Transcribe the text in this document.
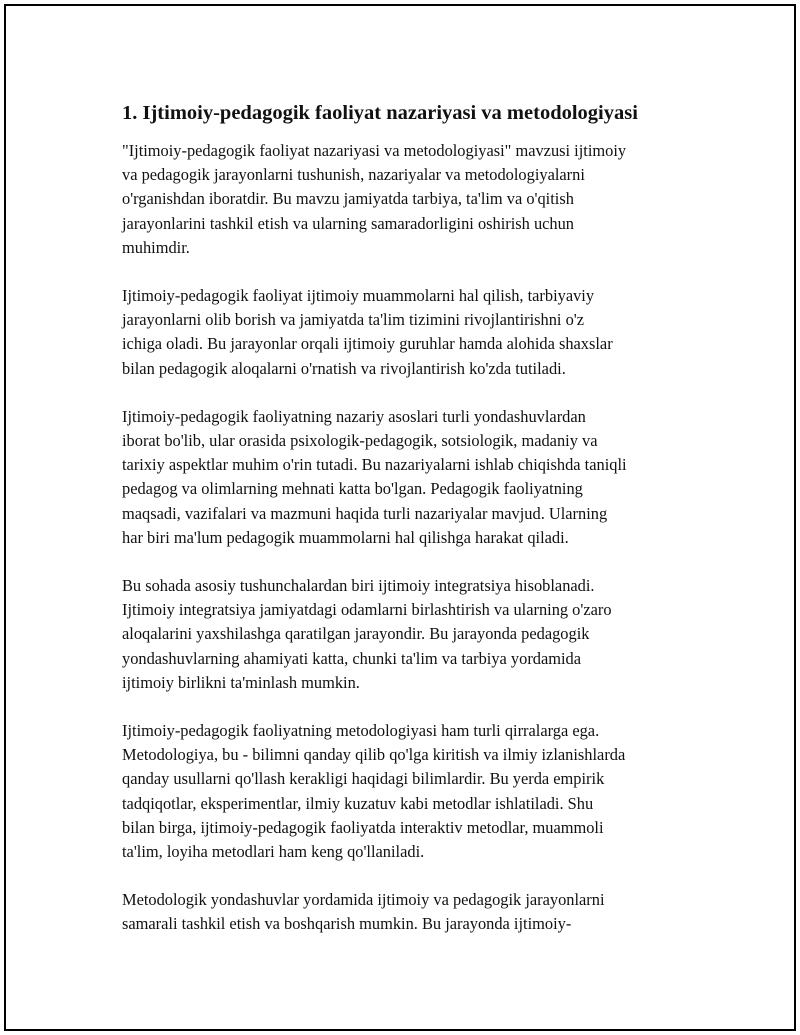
1. Ijtimoiy-pedagogik faoliyat nazariyasi va metodologiyasi

"Ijtimoiy-pedagogik faoliyat nazariyasi va metodologiyasi" mavzusi ijtimoiy
va pedagogik jarayonlarni tushunish, nazariyalar va metodologiyalarni
o'rganishdan iboratdir. Bu mavzu jamiyatda tarbiya, ta'lim va o'qitish
jarayonlarini tashkil etish va ularning samaradorligini oshirish uchun
muhimdir.

Ijtimoiy-pedagogik faoliyat ijtimoiy muammolarni hal qilish, tarbiyaviy
jarayonlarni olib borish va jamiyatda ta'lim tizimini rivojlantirishni o'z
ichiga oladi. Bu jarayonlar orqali ijtimoiy guruhlar hamda alohida shaxslar
bilan pedagogik aloqalarni o'rnatish va rivojlantirish ko'zda tutiladi.

Ijtimoiy-pedagogik faoliyatning nazariy asoslari turli yondashuvlardan
iborat bo'lib, ular orasida psixologik-pedagogik, sotsiologik, madaniy va
tarixiy aspektlar muhim o'rin tutadi. Bu nazariyalarni ishlab chiqishda taniqli
pedagog va olimlarning mehnati katta bo'lgan. Pedagogik faoliyatning
maqsadi, vazifalari va mazmuni haqida turli nazariyalar mavjud. Ularning
har biri ma'lum pedagogik muammolarni hal qilishga harakat qiladi.

Bu sohada asosiy tushunchalardan biri ijtimoiy integratsiya hisoblanadi.
Ijtimoiy integratsiya jamiyatdagi odamlarni birlashtirish va ularning o'zaro
aloqalarini yaxshilashga qaratilgan jarayondir. Bu jarayonda pedagogik
yondashuvlarning ahamiyati katta, chunki ta'lim va tarbiya yordamida
ijtimoiy birlikni ta'minlash mumkin.

Ijtimoiy-pedagogik faoliyatning metodologiyasi ham turli qirralarga ega.
Metodologiya, bu - bilimni qanday qilib qo'lga kiritish va ilmiy izlanishlarda
qanday usullarni qo'llash kerakligi haqidagi bilimlardir. Bu yerda empirik
tadqiqotlar, eksperimentlar, ilmiy kuzatuv kabi metodlar ishlatiladi. Shu
bilan birga, ijtimoiy-pedagogik faoliyatda interaktiv metodlar, muammoli
ta'lim, loyiha metodlari ham keng qo'llaniladi.

Metodologik yondashuvlar yordamida ijtimoiy va pedagogik jarayonlarni
samarali tashkil etish va boshqarish mumkin. Bu jarayonda ijtimoiy-
